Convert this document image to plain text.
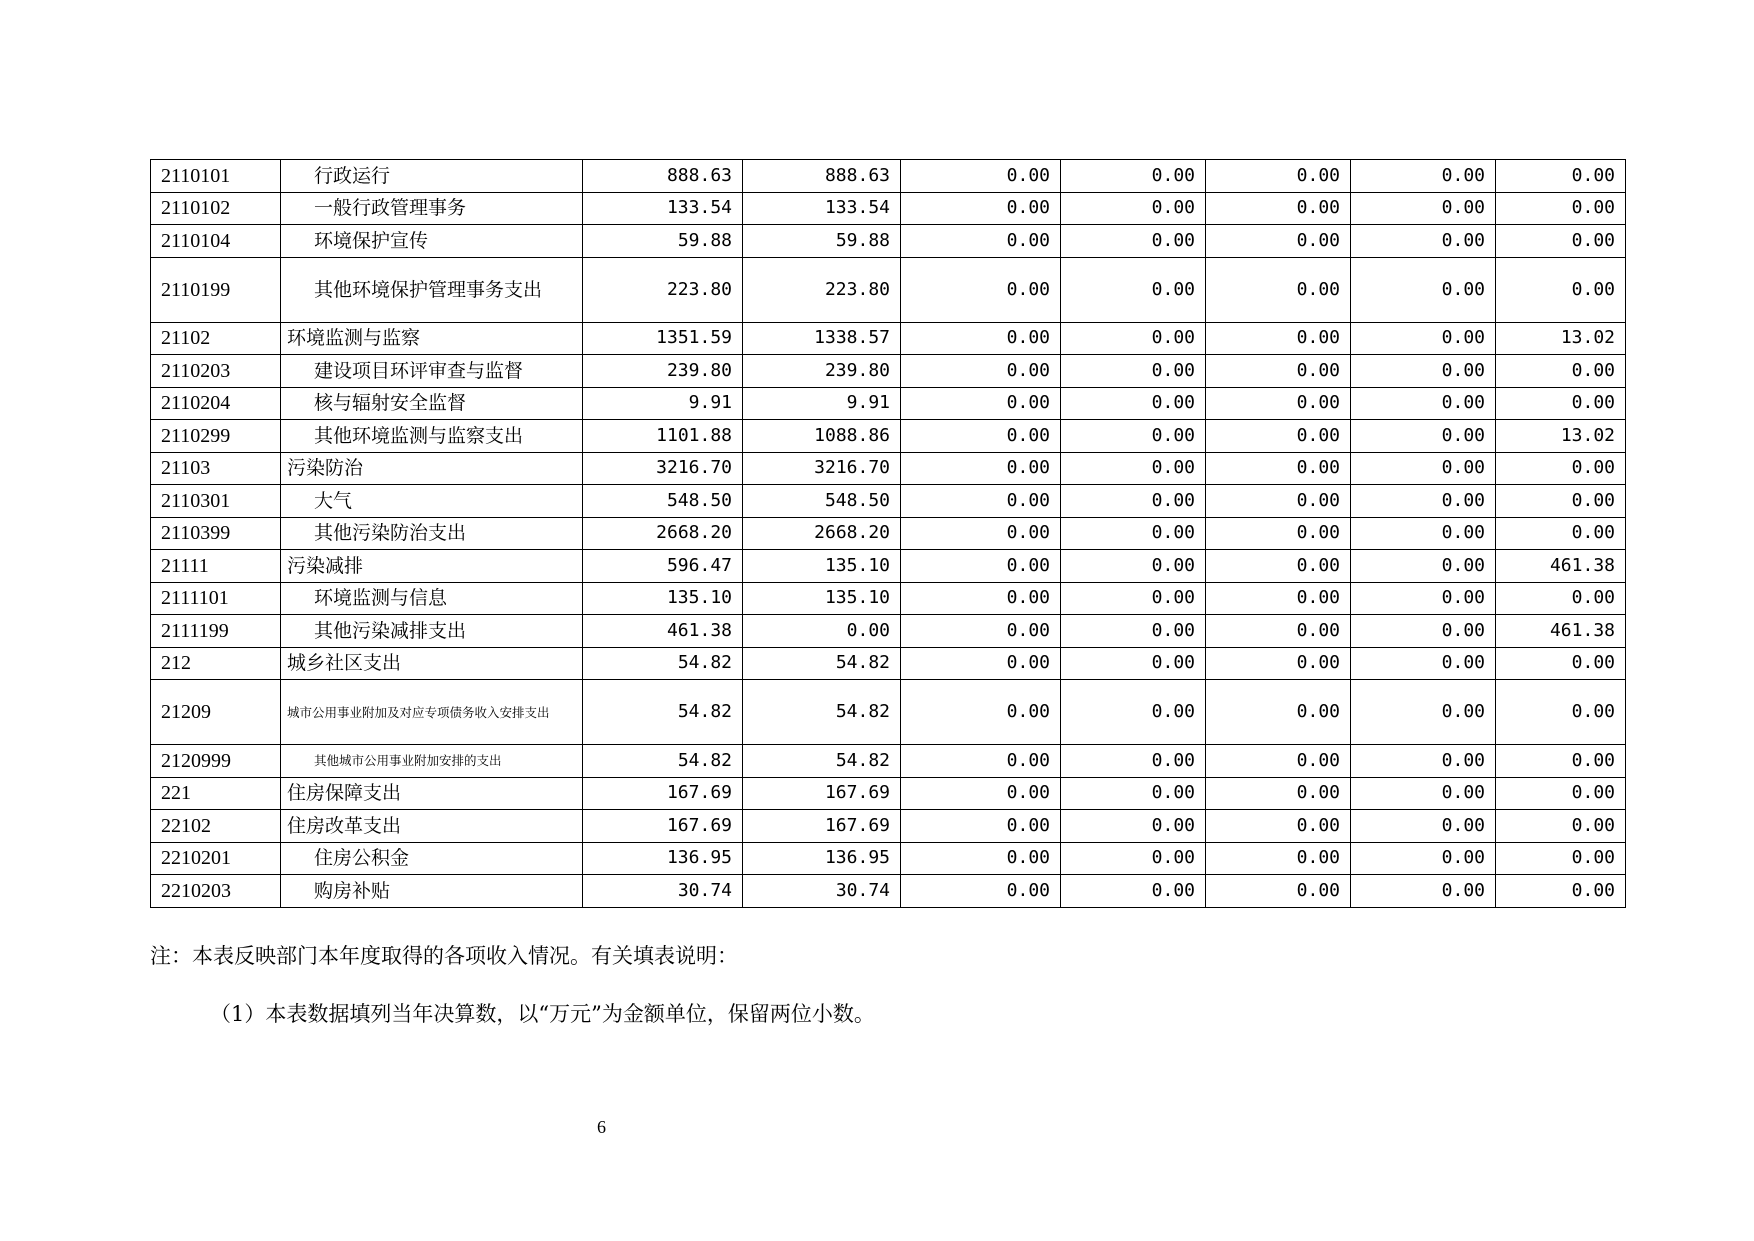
2110101	行政运行	888.63	888.63	0.00	0.00	0.00	0.00	0.00
2110102	一般行政管理事务	133.54	133.54	0.00	0.00	0.00	0.00	0.00
2110104	环境保护宣传	59.88	59.88	0.00	0.00	0.00	0.00	0.00
2110199	其他环境保护管理事务支出	223.80	223.80	0.00	0.00	0.00	0.00	0.00
21102	环境监测与监察	1351.59	1338.57	0.00	0.00	0.00	0.00	13.02
2110203	建设项目环评审查与监督	239.80	239.80	0.00	0.00	0.00	0.00	0.00
2110204	核与辐射安全监督	9.91	9.91	0.00	0.00	0.00	0.00	0.00
2110299	其他环境监测与监察支出	1101.88	1088.86	0.00	0.00	0.00	0.00	13.02
21103	污染防治	3216.70	3216.70	0.00	0.00	0.00	0.00	0.00
2110301	大气	548.50	548.50	0.00	0.00	0.00	0.00	0.00
2110399	其他污染防治支出	2668.20	2668.20	0.00	0.00	0.00	0.00	0.00
21111	污染减排	596.47	135.10	0.00	0.00	0.00	0.00	461.38
2111101	环境监测与信息	135.10	135.10	0.00	0.00	0.00	0.00	0.00
2111199	其他污染减排支出	461.38	0.00	0.00	0.00	0.00	0.00	461.38
212	城乡社区支出	54.82	54.82	0.00	0.00	0.00	0.00	0.00
21209	城市公用事业附加及对应专项债务收入安排支出	54.82	54.82	0.00	0.00	0.00	0.00	0.00
2120999	其他城市公用事业附加安排的支出	54.82	54.82	0.00	0.00	0.00	0.00	0.00
221	住房保障支出	167.69	167.69	0.00	0.00	0.00	0.00	0.00
22102	住房改革支出	167.69	167.69	0.00	0.00	0.00	0.00	0.00
2210201	住房公积金	136.95	136.95	0.00	0.00	0.00	0.00	0.00
2210203	购房补贴	30.74	30.74	0.00	0.00	0.00	0.00	0.00
注：本表反映部门本年度取得的各项收入情况。有关填表说明：
（1）本表数据填列当年决算数，以“万元”为金额单位，保留两位小数。
6
